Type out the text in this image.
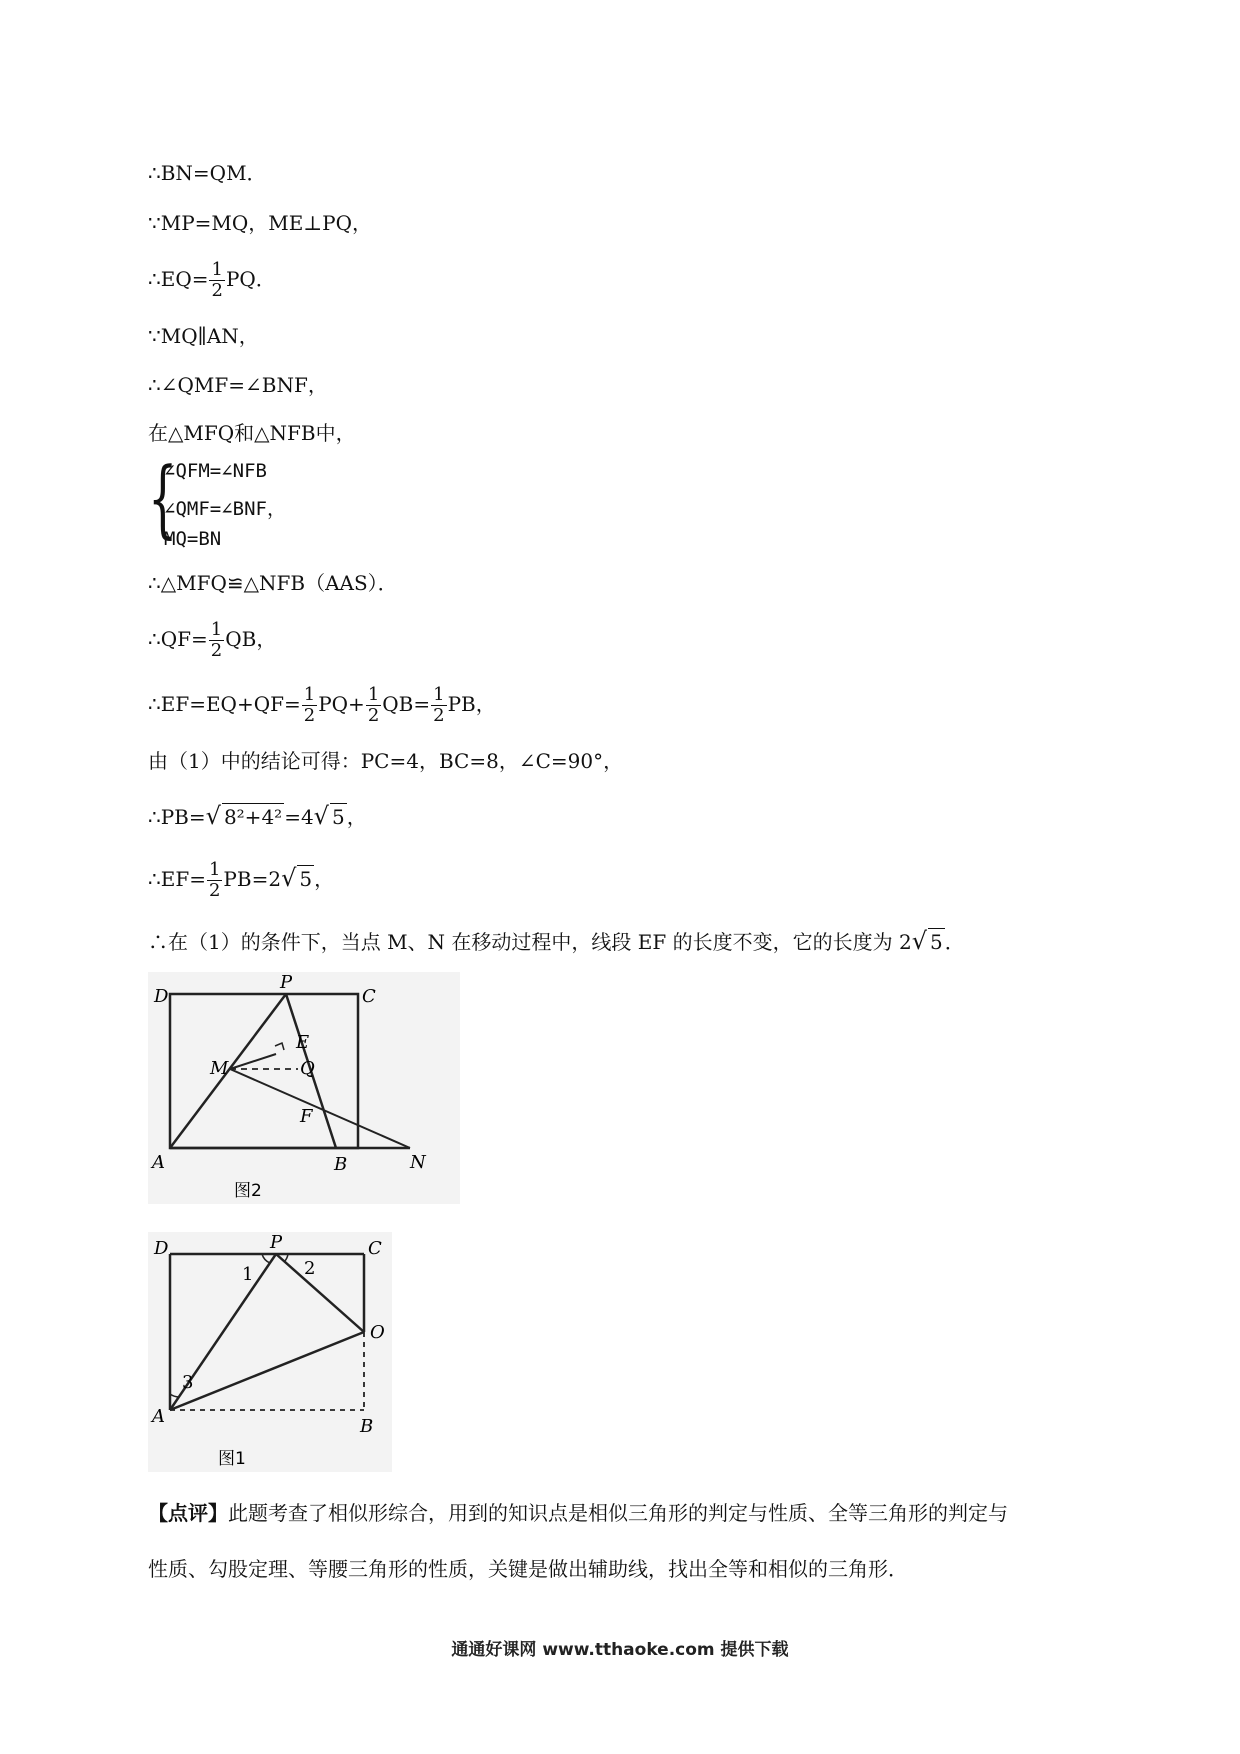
∴BN=QM．
∵MP=MQ，ME⊥PQ，
∴EQ= $\frac{1}{2}$ PQ．
∵MQ∥AN，
∴∠QMF=∠BNF，
在△MFQ和△NFB中，
{
∠QFM=∠NFB
∠QMF=∠BNF，
MQ=BN
∴△MFQ≌△NFB（AAS）．
∴QF= $\frac{1}{2}$ QB，
∴EF=EQ+QF= $\frac{1}{2} PQ+ \frac{1}{2} QB= \frac{1}{2}$ PB，
由（1）中的结论可得：PC=4，BC=8，∠C=90°，
∴PB=√ 8²+4² =4√ 5 ，
∴EF= $\frac{1}{2} PB=2√$ 5 ，
∴在（1）的条件下，当点 M、N 在移动过程中，线段 EF 的长度不变，它的长度为 2√ 5 ．
D
P
C
E
M	Q
F
A	B	N
图2
D	P	C
O
A	B
1	2
3
图1
【点评】此题考查了相似形综合，用到的知识点是相似三角形的判定与性质、全等三角形的判定与
性质、勾股定理、等腰三角形的性质，关键是做出辅助线，找出全等和相似的三角形．
通通好课网 www.tthaoke.com 提供下载
